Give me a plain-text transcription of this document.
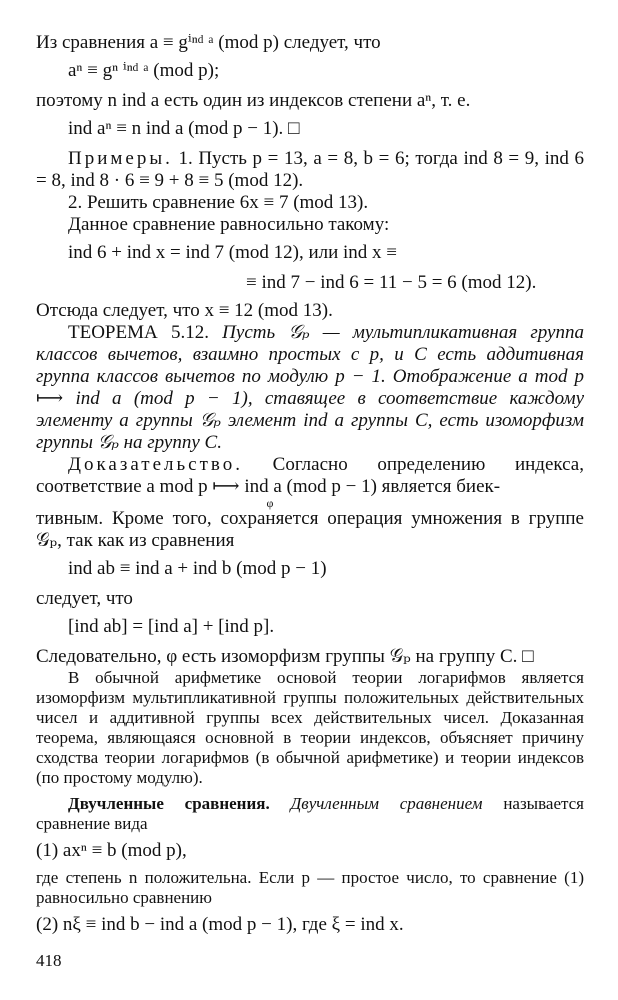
Из сравнения a ≡ gⁱⁿᵈ ᵃ (mod p) следует, что

aⁿ ≡ gⁿ ⁱⁿᵈ ᵃ (mod p);

поэтому n ind a есть один из индексов степени aⁿ, т. е.

ind aⁿ ≡ n ind a (mod p − 1). □

Примеры. 1. Пусть p = 13, a = 8, b = 6; тогда ind 8 = 9, ind 6 = 8, ind 8 · 6 ≡ 9 + 8 ≡ 5 (mod 12).

2. Решить сравнение 6x ≡ 7 (mod 13).

Данное сравнение равносильно такому:

ind 6 + ind x = ind 7 (mod 12), или ind x ≡

≡ ind 7 − ind 6 = 11 − 5 = 6 (mod 12).

Отсюда следует, что x ≡ 12 (mod 13).

ТЕОРЕМА 5.12. Пусть 𝒢ₚ — мультипликативная группа классов вычетов, взаимно простых с p, и C есть аддитивная группа классов вычетов по модулю p − 1. Отображение a mod p ⟼ ind a (mod p − 1), ставящее в соответствие каждому элементу a группы 𝒢ₚ элемент ind a группы C, есть изоморфизм группы 𝒢ₚ на группу C.

Доказательство. Согласно определению индекса, соответствие a mod p ⟼ ind a (mod p − 1) является биек-

φ

тивным. Кроме того, сохраняется операция умножения в группе 𝒢ₚ, так как из сравнения

ind ab ≡ ind a + ind b (mod p − 1)

следует, что

[ind ab] = [ind a] + [ind p].

Следовательно, φ есть изоморфизм группы 𝒢ₚ на группу C. □

В обычной арифметике основой теории логарифмов является изоморфизм мультипликативной группы положительных действительных чисел и аддитивной группы всех действительных чисел. Доказанная теорема, являющаяся основной в теории индексов, объясняет причину сходства теории логарифмов (в обычной арифметике) и теории индексов (по простому модулю).

Двучленные сравнения. Двучленным сравнением называется сравнение вида

(1) axⁿ ≡ b (mod p),

где степень n положительна. Если p — простое число, то сравнение (1) равносильно сравнению

(2) nξ ≡ ind b − ind a (mod p − 1), где ξ = ind x.

418
